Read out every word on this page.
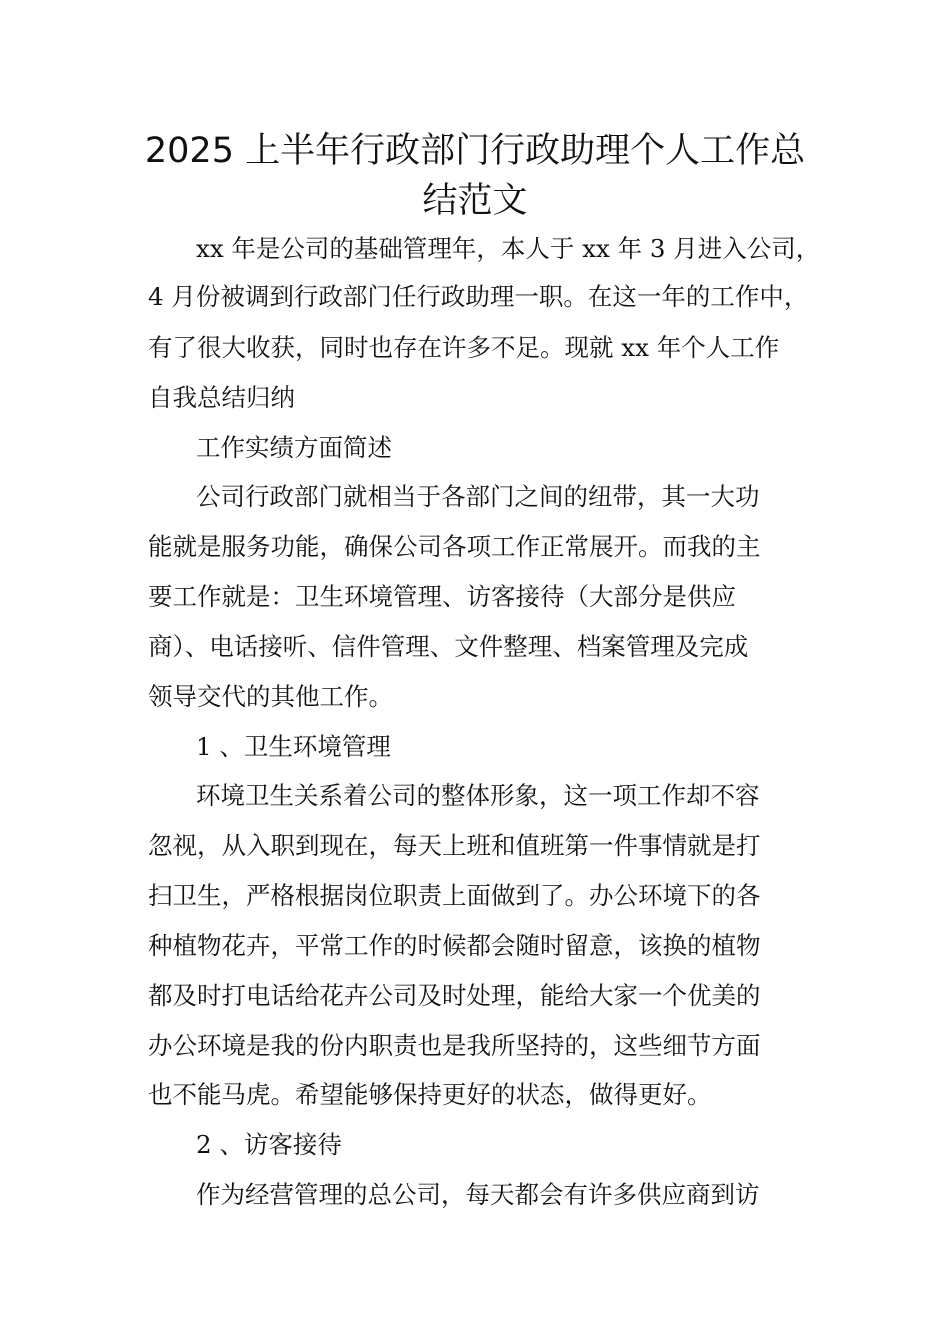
2025 上半年行政部门行政助理个人工作总
结范文

xx 年是公司的基础管理年，本人于 xx 年 3 月进入公司，

4 月份被调到行政部门任行政助理一职。在这一年的工作中，

有了很大收获，同时也存在许多不足。现就 xx 年个人工作

自我总结归纳

工作实绩方面简述

公司行政部门就相当于各部门之间的纽带，其一大功

能就是服务功能，确保公司各项工作正常展开。而我的主

要工作就是：卫生环境管理、访客接待（大部分是供应

商）、电话接听、信件管理、文件整理、档案管理及完成

领导交代的其他工作。

1 、卫生环境管理

环境卫生关系着公司的整体形象，这一项工作却不容

忽视，从入职到现在，每天上班和值班第一件事情就是打

扫卫生，严格根据岗位职责上面做到了。办公环境下的各

种植物花卉，平常工作的时候都会随时留意，该换的植物

都及时打电话给花卉公司及时处理，能给大家一个优美的

办公环境是我的份内职责也是我所坚持的，这些细节方面

也不能马虎。希望能够保持更好的状态，做得更好。

2 、访客接待

作为经营管理的总公司，每天都会有许多供应商到访
